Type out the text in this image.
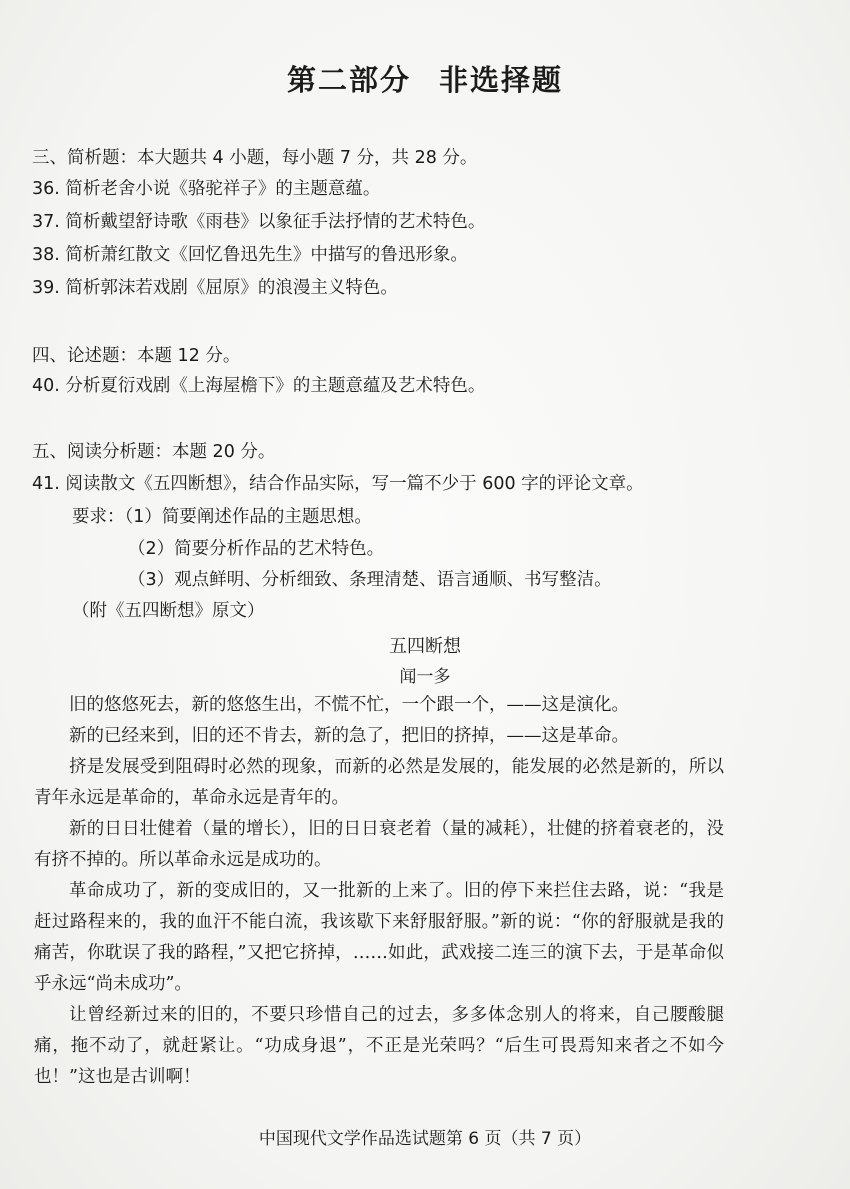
第二部分 非选择题
三、简析题：本大题共 4 小题，每小题 7 分，共 28 分。
36. 简析老舍小说《骆驼祥子》的主题意蕴。
37. 简析戴望舒诗歌《雨巷》以象征手法抒情的艺术特色。
38. 简析萧红散文《回忆鲁迅先生》中描写的鲁迅形象。
39. 简析郭沫若戏剧《屈原》的浪漫主义特色。
四、论述题：本题 12 分。
40. 分析夏衍戏剧《上海屋檐下》的主题意蕴及艺术特色。
五、阅读分析题：本题 20 分。
41. 阅读散文《五四断想》，结合作品实际，写一篇不少于 600 字的评论文章。
要求：（1）简要阐述作品的主题思想。
（2）简要分析作品的艺术特色。
（3）观点鲜明、分析细致、条理清楚、语言通顺、书写整洁。
（附《五四断想》原文）
五四断想
闻一多

旧的悠悠死去，新的悠悠生出，不慌不忙，一个跟一个，——这是演化。

新的已经来到，旧的还不肯去，新的急了，把旧的挤掉，——这是革命。

挤是发展受到阻碍时必然的现象，而新的必然是发展的，能发展的必然是新的，所以青年永远是革命的，革命永远是青年的。

新的日日壮健着（量的增长），旧的日日衰老着（量的减耗），壮健的挤着衰老的，没有挤不掉的。所以革命永远是成功的。

革命成功了，新的变成旧的，又一批新的上来了。旧的停下来拦住去路，说：“我是赶过路程来的，我的血汗不能白流，我该歇下来舒服舒服。”新的说：“你的舒服就是我的痛苦，你耽误了我的路程，”又把它挤掉，……如此，武戏接二连三的演下去，于是革命似乎永远“尚未成功”。

让曾经新过来的旧的，不要只珍惜自己的过去，多多体念别人的将来，自己腰酸腿痛，拖不动了，就赶紧让。“功成身退”，不正是光荣吗？“后生可畏焉知来者之不如今也！”这也是古训啊！

中国现代文学作品选试题第 6 页（共 7 页）
